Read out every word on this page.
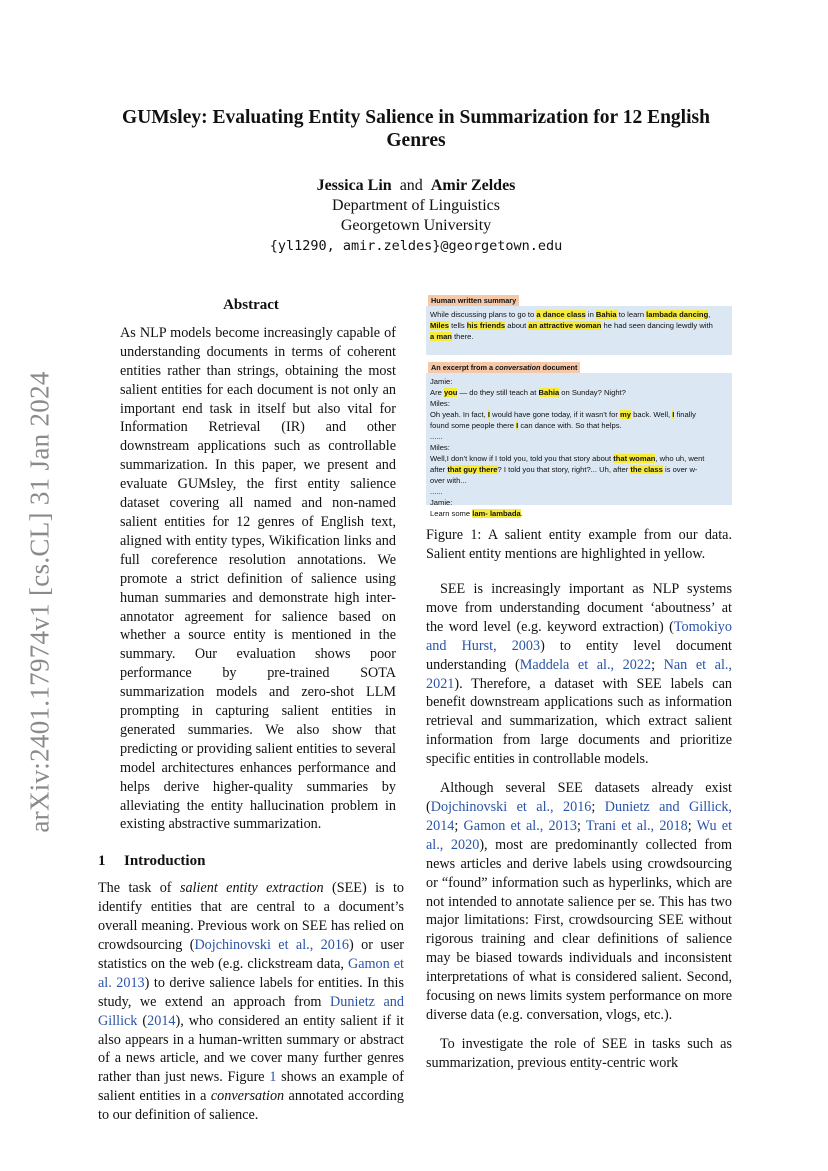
arXiv:2401.17974v1 [cs.CL] 31 Jan 2024
GUMsley: Evaluating Entity Salience in Summarization for 12 English Genres
Jessica Lin and Amir Zeldes
Department of Linguistics
Georgetown University
{yl1290, amir.zeldes}@georgetown.edu
Abstract

As NLP models become increasingly capable of understanding documents in terms of coherent entities rather than strings, obtaining the most salient entities for each document is not only an important end task in itself but also vital for Information Retrieval (IR) and other downstream applications such as controllable summarization. In this paper, we present and evaluate GUMsley, the first entity salience dataset covering all named and non-named salient entities for 12 genres of English text, aligned with entity types, Wikification links and full coreference resolution annotations. We promote a strict definition of salience using human summaries and demonstrate high inter-annotator agreement for salience based on whether a source entity is mentioned in the summary. Our evaluation shows poor performance by pre-trained SOTA summarization models and zero-shot LLM prompting in capturing salient entities in generated summaries. We also show that predicting or providing salient entities to several model architectures enhances performance and helps derive higher-quality summaries by alleviating the entity hallucination problem in existing abstractive summarization.

1 Introduction

The task of salient entity extraction (SEE) is to identify entities that are central to a document’s overall meaning. Previous work on SEE has relied on crowdsourcing (Dojchinovski et al., 2016) or user statistics on the web (e.g. clickstream data, Gamon et al. 2013) to derive salience labels for entities. In this study, we extend an approach from Dunietz and Gillick (2014), who considered an entity salient if it also appears in a human-written summary or abstract of a news article, and we cover many further genres rather than just news. Figure 1 shows an example of salient entities in a conversation annotated according to our definition of salience.

While discussing plans to go to a dance class in Bahia to learn lambada dancing,
Miles tells his friends about an attractive woman he had seen dancing lewdly with
a man there.
Human written summary
Jamie:
Are you — do they still teach at Bahia on Sunday? Night?
Miles:
Oh yeah. In fact, I would have gone today, if it wasn't for my back. Well, I finally
found some people there I can dance with. So that helps.
......
Miles:
Well,I don't know if I told you, told you that story about that woman, who uh, went
after that guy there? I told you that story, right?... Uh, after the class is over w-
over with...
......
Jamie:
Learn some lam- lambada.
An excerpt from a conversation document
Figure 1: A salient entity example from our data. Salient entity mentions are highlighted in yellow.

SEE is increasingly important as NLP systems move from understanding document ‘aboutness’ at the word level (e.g. keyword extraction) (Tomokiyo and Hurst, 2003) to entity level document understanding (Maddela et al., 2022; Nan et al., 2021). Therefore, a dataset with SEE labels can benefit downstream applications such as information retrieval and summarization, which extract salient information from large documents and prioritize specific entities in controllable models.

Although several SEE datasets already exist (Dojchinovski et al., 2016; Dunietz and Gillick, 2014; Gamon et al., 2013; Trani et al., 2018; Wu et al., 2020), most are predominantly collected from news articles and derive labels using crowdsourcing or “found” information such as hyperlinks, which are not intended to annotate salience per se. This has two major limitations: First, crowdsourcing SEE without rigorous training and clear definitions of salience may be biased towards individuals and inconsistent interpretations of what is considered salient. Second, focusing on news limits system performance on more diverse data (e.g. conversation, vlogs, etc.).

To investigate the role of SEE in tasks such as summarization, previous entity-centric work
